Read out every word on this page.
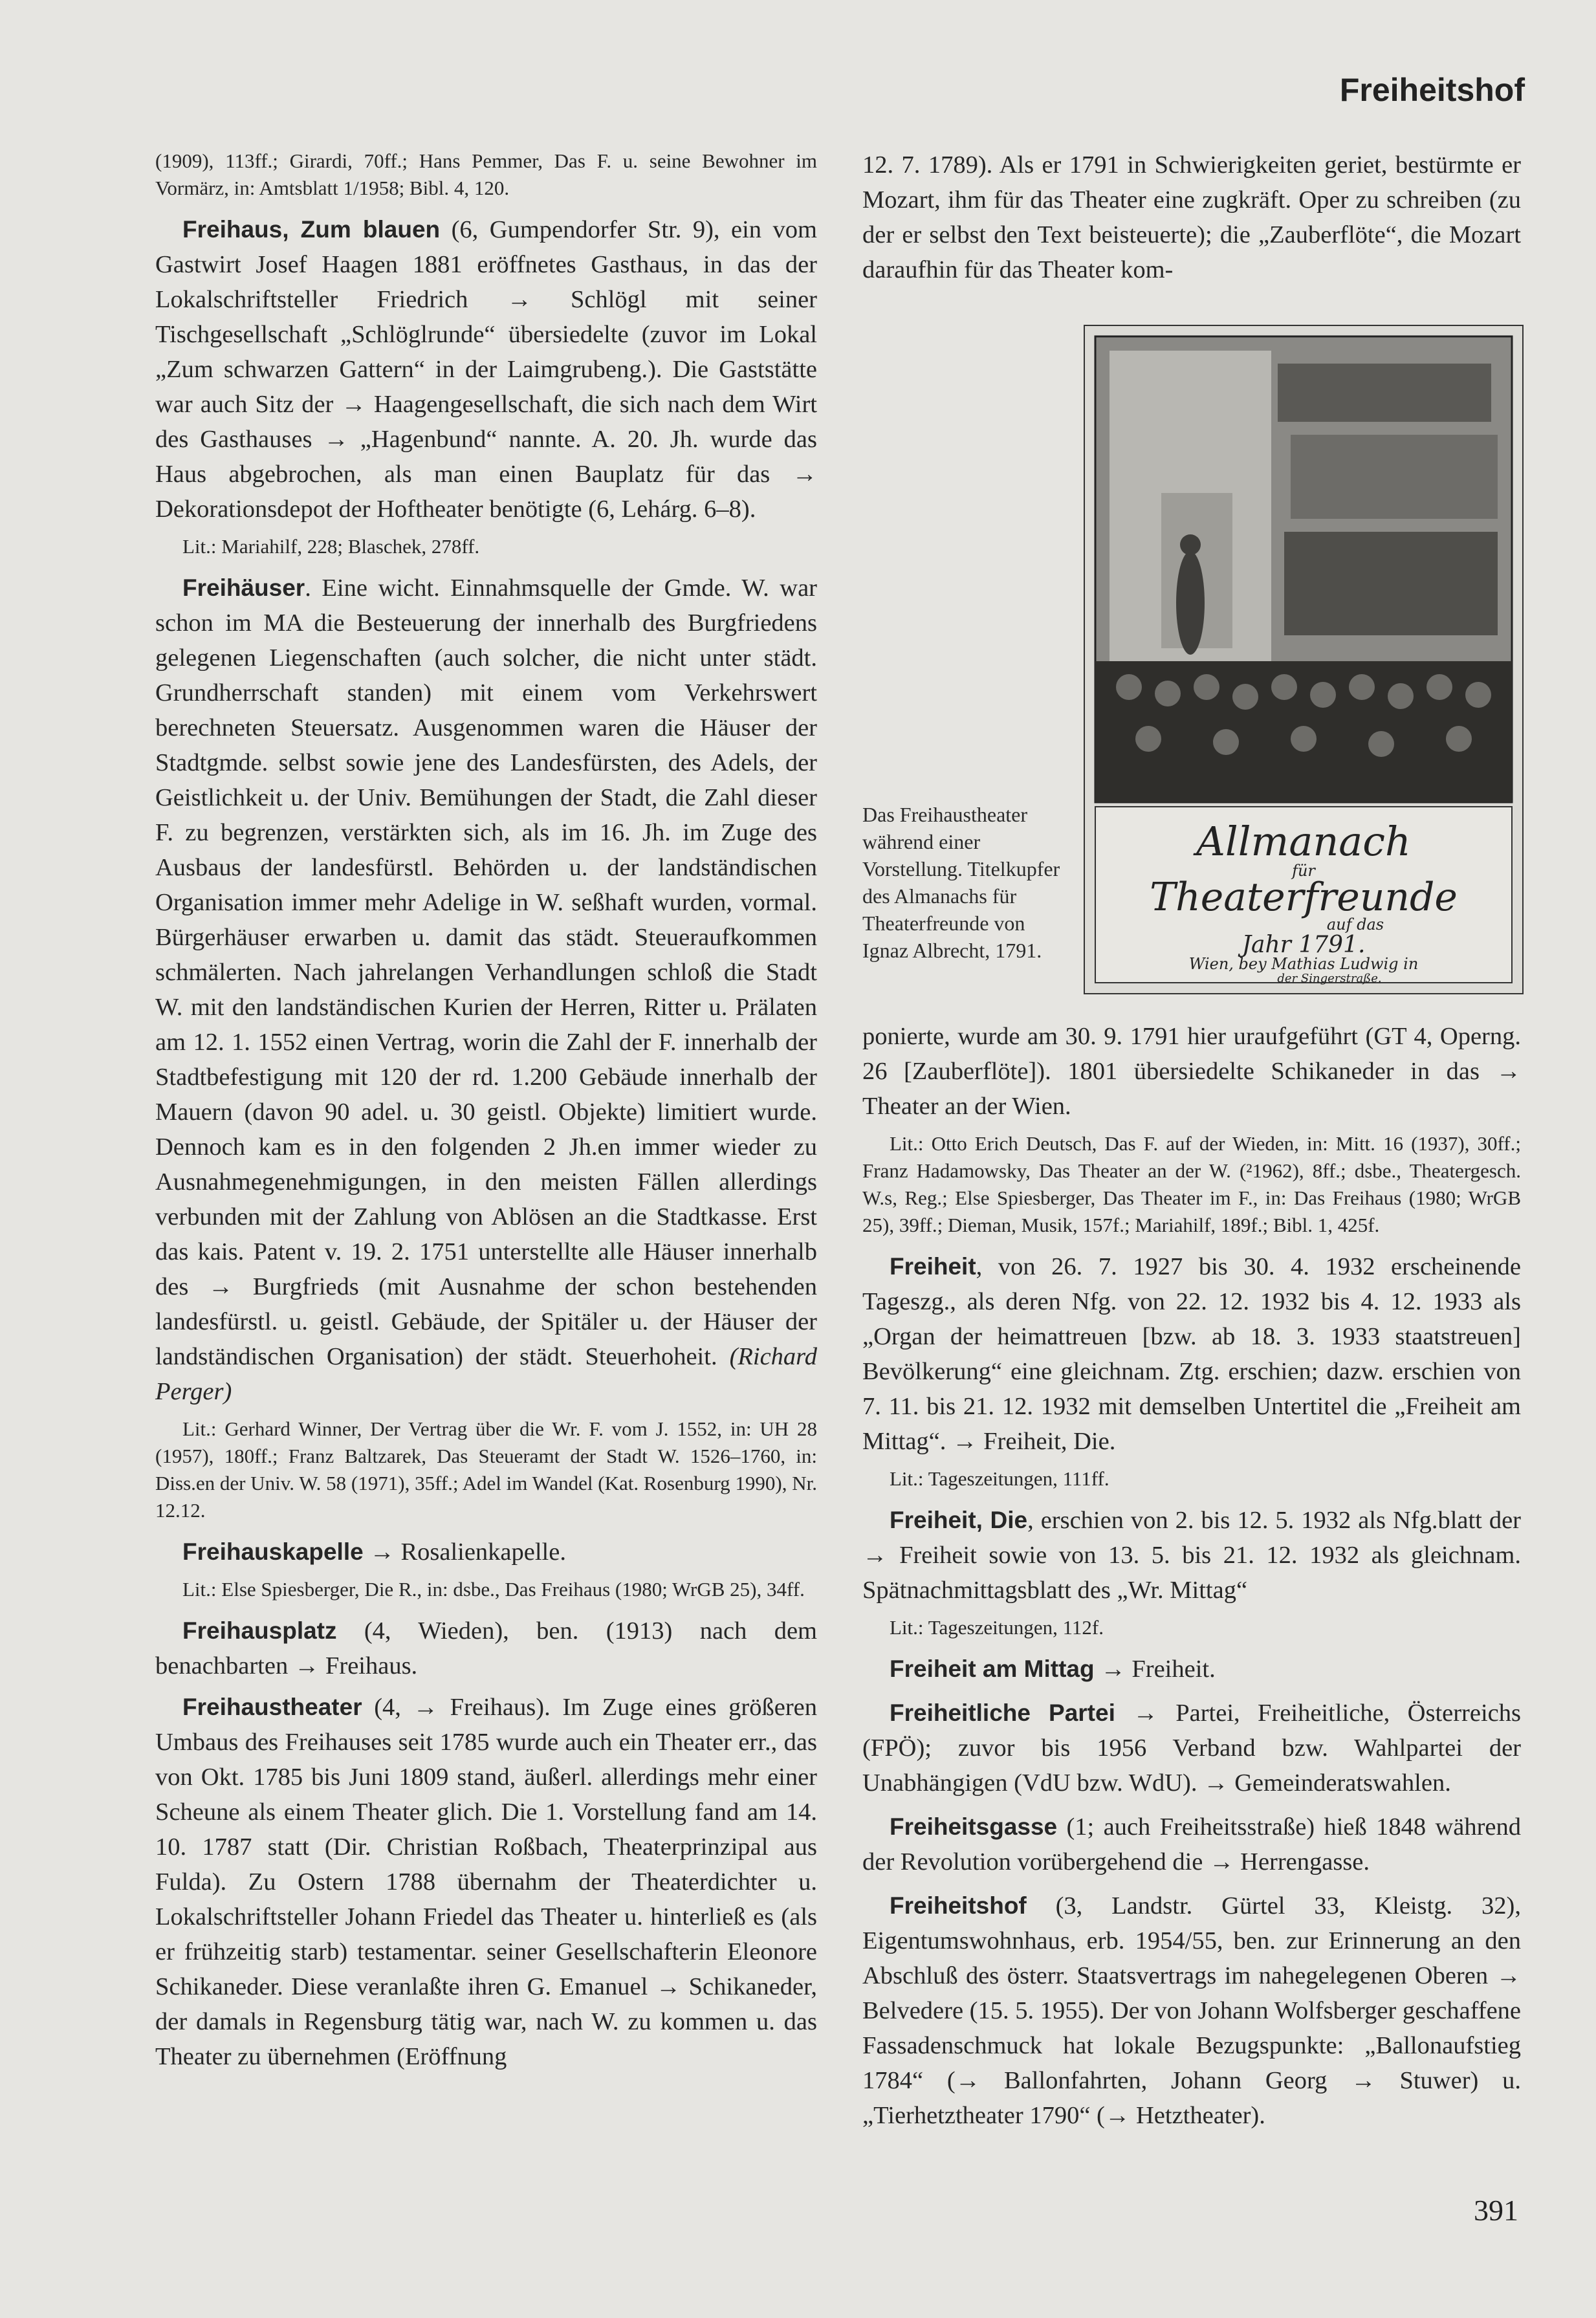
Freiheitshof

(1909), 113ff.; Girardi, 70ff.; Hans Pemmer, Das F. u. seine Bewohner im Vormärz, in: Amtsblatt 1/1958; Bibl. 4, 120.

Freihaus, Zum blauen (6, Gumpendorfer Str. 9), ein vom Gastwirt Josef Haagen 1881 eröffnetes Gasthaus, in das der Lokalschriftsteller Friedrich → Schlögl mit seiner Tischgesellschaft „Schlöglrunde“ übersiedelte (zuvor im Lokal „Zum schwarzen Gattern“ in der Laimgrubeng.). Die Gaststätte war auch Sitz der → Haagengesellschaft, die sich nach dem Wirt des Gasthauses → „Hagenbund“ nannte. A. 20. Jh. wurde das Haus abgebrochen, als man einen Bauplatz für das → Dekorationsdepot der Hoftheater benötigte (6, Lehárg. 6–8).

Lit.: Mariahilf, 228; Blaschek, 278ff.

Freihäuser. Eine wicht. Einnahmsquelle der Gmde. W. war schon im MA die Besteuerung der innerhalb des Burgfriedens gelegenen Liegenschaften (auch solcher, die nicht unter städt. Grundherrschaft standen) mit einem vom Verkehrswert berechneten Steuersatz. Ausgenommen waren die Häuser der Stadtgmde. selbst sowie jene des Landesfürsten, des Adels, der Geistlichkeit u. der Univ. Bemühungen der Stadt, die Zahl dieser F. zu begrenzen, verstärkten sich, als im 16. Jh. im Zuge des Ausbaus der landesfürstl. Behörden u. der landständischen Organisation immer mehr Adelige in W. seßhaft wurden, vormal. Bürgerhäuser erwarben u. damit das städt. Steueraufkommen schmälerten. Nach jahrelangen Verhandlungen schloß die Stadt W. mit den landständischen Kurien der Herren, Ritter u. Prälaten am 12. 1. 1552 einen Vertrag, worin die Zahl der F. innerhalb der Stadtbefestigung mit 120 der rd. 1.200 Gebäude innerhalb der Mauern (davon 90 adel. u. 30 geistl. Objekte) limitiert wurde. Dennoch kam es in den folgenden 2 Jh.en immer wieder zu Ausnahmegenehmigungen, in den meisten Fällen allerdings verbunden mit der Zahlung von Ablösen an die Stadtkasse. Erst das kais. Patent v. 19. 2. 1751 unterstellte alle Häuser innerhalb des → Burgfrieds (mit Ausnahme der schon bestehenden landesfürstl. u. geistl. Gebäude, der Spitäler u. der Häuser der landständischen Organisation) der städt. Steuerhoheit. (Richard Perger)

Lit.: Gerhard Winner, Der Vertrag über die Wr. F. vom J. 1552, in: UH 28 (1957), 180ff.; Franz Baltzarek, Das Steueramt der Stadt W. 1526–1760, in: Diss.en der Univ. W. 58 (1971), 35ff.; Adel im Wandel (Kat. Rosenburg 1990), Nr. 12.12.

Freihauskapelle → Rosalienkapelle.

Lit.: Else Spiesberger, Die R., in: dsbe., Das Freihaus (1980; WrGB 25), 34ff.

Freihausplatz (4, Wieden), ben. (1913) nach dem benachbarten → Freihaus.

Freihaustheater (4, → Freihaus). Im Zuge eines größeren Umbaus des Freihauses seit 1785 wurde auch ein Theater err., das von Okt. 1785 bis Juni 1809 stand, äußerl. allerdings mehr einer Scheune als einem Theater glich. Die 1. Vorstellung fand am 14. 10. 1787 statt (Dir. Christian Roßbach, Theaterprinzipal aus Fulda). Zu Ostern 1788 übernahm der Theaterdichter u. Lokalschriftsteller Johann Friedel das Theater u. hinterließ es (als er frühzeitig starb) testamentar. seiner Gesellschafterin Eleonore Schikaneder. Diese veranlaßte ihren G. Emanuel → Schikaneder, der damals in Regensburg tätig war, nach W. zu kommen u. das Theater zu übernehmen (Eröffnung

12. 7. 1789). Als er 1791 in Schwierigkeiten geriet, bestürmte er Mozart, ihm für das Theater eine zugkräft. Oper zu schreiben (zu der er selbst den Text beisteuerte); die „Zauberflöte“, die Mozart daraufhin für das Theater kom-

Allmanach
für
Theaterfreunde
auf das
Jahr 1791.
Wien, bey Mathias Ludwig in
der Singerstraße.
Das Freihaustheater während einer Vorstellung. Titelkupfer des Almanachs für Theaterfreunde von Ignaz Albrecht, 1791.

ponierte, wurde am 30. 9. 1791 hier uraufgeführt (GT 4, Operng. 26 [Zauberflöte]). 1801 übersiedelte Schikaneder in das → Theater an der Wien.

Lit.: Otto Erich Deutsch, Das F. auf der Wieden, in: Mitt. 16 (1937), 30ff.; Franz Hadamowsky, Das Theater an der W. (²1962), 8ff.; dsbe., Theatergesch. W.s, Reg.; Else Spiesberger, Das Theater im F., in: Das Freihaus (1980; WrGB 25), 39ff.; Dieman, Musik, 157f.; Mariahilf, 189f.; Bibl. 1, 425f.

Freiheit, von 26. 7. 1927 bis 30. 4. 1932 erscheinende Tageszg., als deren Nfg. von 22. 12. 1932 bis 4. 12. 1933 als „Organ der heimattreuen [bzw. ab 18. 3. 1933 staatstreuen] Bevölkerung“ eine gleichnam. Ztg. erschien; dazw. erschien von 7. 11. bis 21. 12. 1932 mit demselben Untertitel die „Freiheit am Mittag“. → Freiheit, Die.

Lit.: Tageszeitungen, 111ff.

Freiheit, Die, erschien von 2. bis 12. 5. 1932 als Nfg.blatt der → Freiheit sowie von 13. 5. bis 21. 12. 1932 als gleichnam. Spätnachmittagsblatt des „Wr. Mittag“

Lit.: Tageszeitungen, 112f.

Freiheit am Mittag → Freiheit.

Freiheitliche Partei → Partei, Freiheitliche, Österreichs (FPÖ); zuvor bis 1956 Verband bzw. Wahlpartei der Unabhängigen (VdU bzw. WdU). → Gemeinderatswahlen.

Freiheitsgasse (1; auch Freiheitsstraße) hieß 1848 während der Revolution vorübergehend die → Herrengasse.

Freiheitshof (3, Landstr. Gürtel 33, Kleistg. 32), Eigentumswohnhaus, erb. 1954/55, ben. zur Erinnerung an den Abschluß des österr. Staatsvertrags im nahegelegenen Oberen → Belvedere (15. 5. 1955). Der von Johann Wolfsberger geschaffene Fassadenschmuck hat lokale Bezugspunkte: „Ballonaufstieg 1784“ (→ Ballonfahrten, Johann Georg → Stuwer) u. „Tierhetztheater 1790“ (→ Hetztheater).

391
